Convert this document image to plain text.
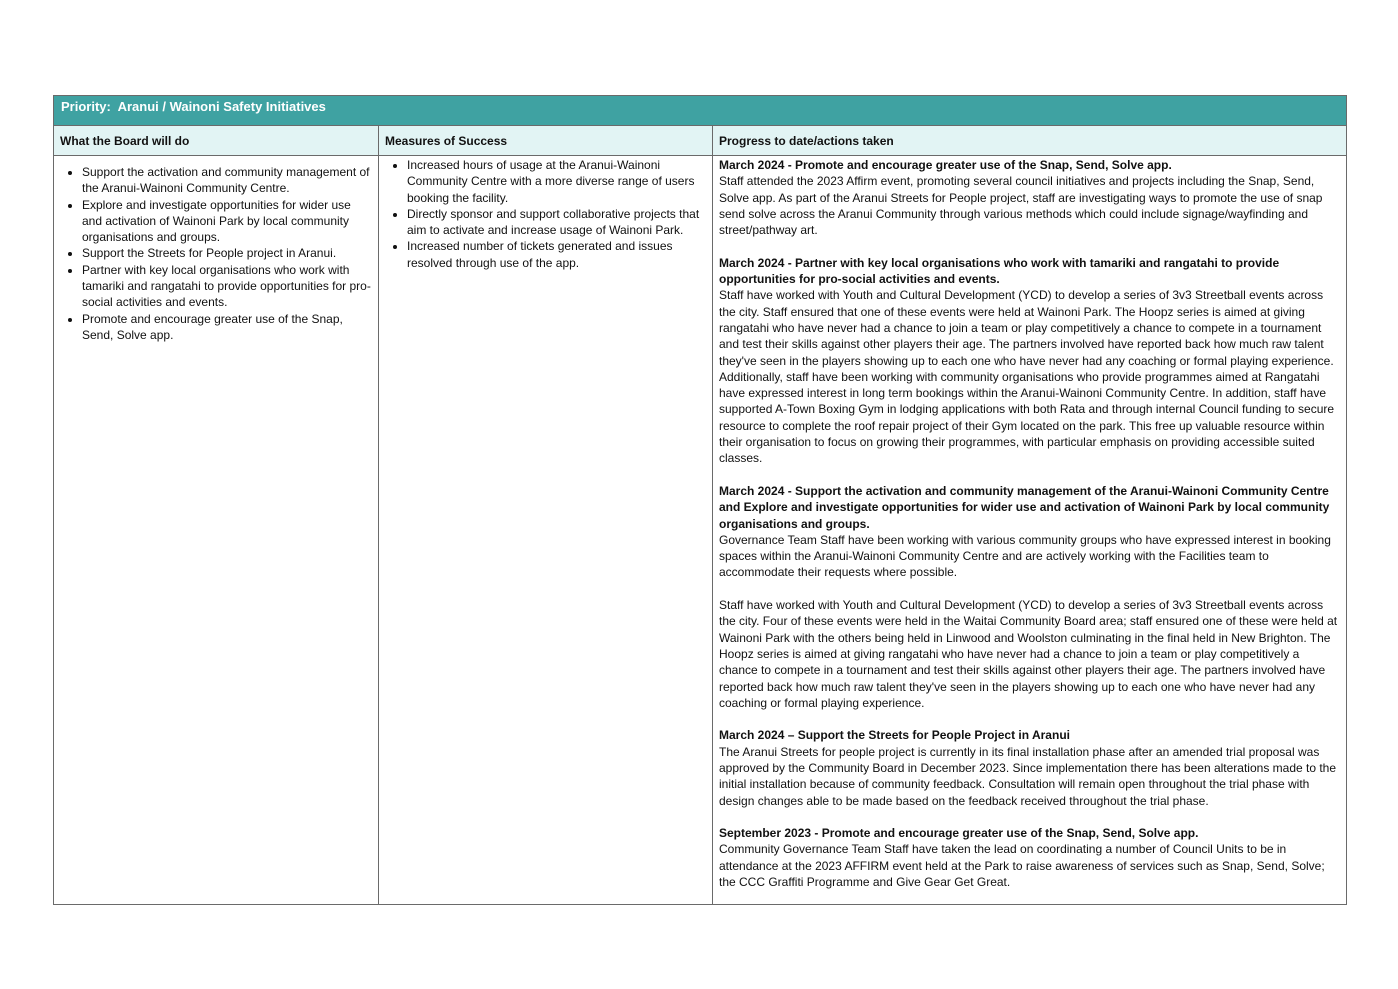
Priority: Aranui / Wainoni Safety Initiatives
What the Board will do	Measures of Success	Progress to date/actions taken
• Support the activation and community management of the Aranui-Wainoni Community Centre.
• Explore and investigate opportunities for wider use and activation of Wainoni Park by local community organisations and groups.
• Support the Streets for People project in Aranui.
• Partner with key local organisations who work with tamariki and rangatahi to provide opportunities for pro-social activities and events.
• Promote and encourage greater use of the Snap, Send, Solve app.
• Increased hours of usage at the Aranui-Wainoni Community Centre with a more diverse range of users booking the facility.
• Directly sponsor and support collaborative projects that aim to activate and increase usage of Wainoni Park.
• Increased number of tickets generated and issues resolved through use of the app.
March 2024 - Promote and encourage greater use of the Snap, Send, Solve app.

Staff attended the 2023 Affirm event, promoting several council initiatives and projects including the Snap, Send, Solve app. As part of the Aranui Streets for People project, staff are investigating ways to promote the use of snap send solve across the Aranui Community through various methods which could include signage/wayfinding and street/pathway art.

March 2024 - Partner with key local organisations who work with tamariki and rangatahi to provide opportunities for pro-social activities and events.

Staff have worked with Youth and Cultural Development (YCD) to develop a series of 3v3 Streetball events across the city. Staff ensured that one of these events were held at Wainoni Park. The Hoopz series is aimed at giving rangatahi who have never had a chance to join a team or play competitively a chance to compete in a tournament and test their skills against other players their age. The partners involved have reported back how much raw talent they've seen in the players showing up to each one who have never had any coaching or formal playing experience. Additionally, staff have been working with community organisations who provide programmes aimed at Rangatahi have expressed interest in long term bookings within the Aranui-Wainoni Community Centre. In addition, staff have supported A-Town Boxing Gym in lodging applications with both Rata and through internal Council funding to secure resource to complete the roof repair project of their Gym located on the park. This free up valuable resource within their organisation to focus on growing their programmes, with particular emphasis on providing accessible suited classes.

March 2024 - Support the activation and community management of the Aranui-Wainoni Community Centre and Explore and investigate opportunities for wider use and activation of Wainoni Park by local community organisations and groups.

Governance Team Staff have been working with various community groups who have expressed interest in booking spaces within the Aranui-Wainoni Community Centre and are actively working with the Facilities team to accommodate their requests where possible.

Staff have worked with Youth and Cultural Development (YCD) to develop a series of 3v3 Streetball events across the city. Four of these events were held in the Waitai Community Board area; staff ensured one of these were held at Wainoni Park with the others being held in Linwood and Woolston culminating in the final held in New Brighton. The Hoopz series is aimed at giving rangatahi who have never had a chance to join a team or play competitively a chance to compete in a tournament and test their skills against other players their age. The partners involved have reported back how much raw talent they've seen in the players showing up to each one who have never had any coaching or formal playing experience.

March 2024 – Support the Streets for People Project in Aranui

The Aranui Streets for people project is currently in its final installation phase after an amended trial proposal was approved by the Community Board in December 2023. Since implementation there has been alterations made to the initial installation because of community feedback. Consultation will remain open throughout the trial phase with design changes able to be made based on the feedback received throughout the trial phase.

September 2023 - Promote and encourage greater use of the Snap, Send, Solve app.

Community Governance Team Staff have taken the lead on coordinating a number of Council Units to be in attendance at the 2023 AFFIRM event held at the Park to raise awareness of services such as Snap, Send, Solve; the CCC Graffiti Programme and Give Gear Get Great.
